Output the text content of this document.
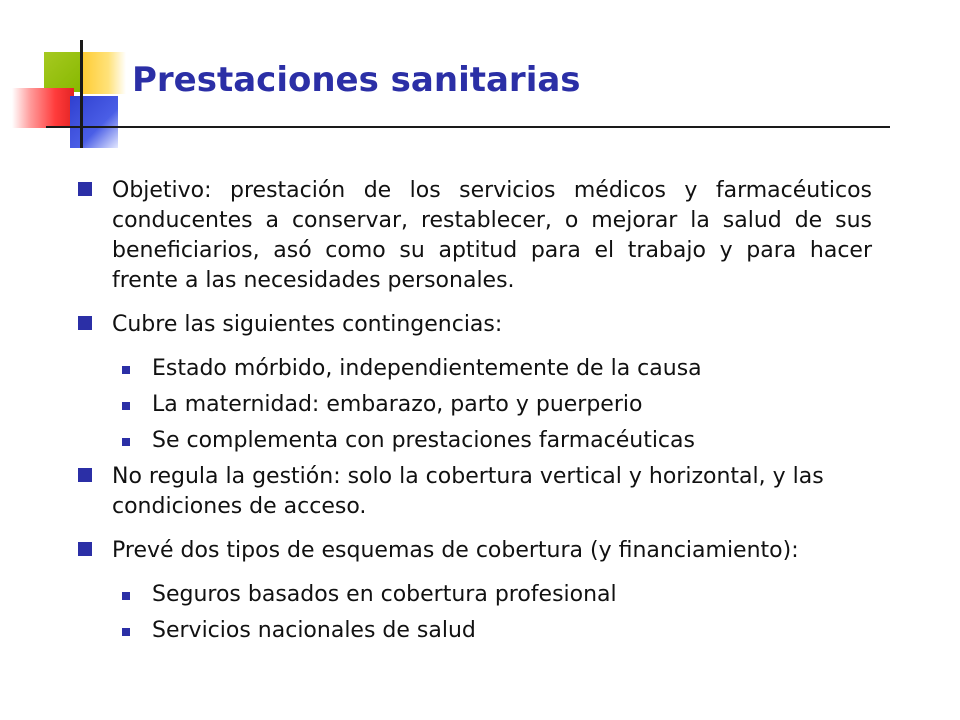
Prestaciones sanitarias
Objetivo: prestación de los servicios médicos y farmacéuticos conducentes a conservar, restablecer, o mejorar la salud de sus beneficiarios, asó como su aptitud para el trabajo y para hacer frente a las necesidades personales.
Cubre las siguientes contingencias:
Estado mórbido, independientemente de la causa
La maternidad: embarazo, parto y puerperio
Se complementa con prestaciones farmacéuticas
No regula la gestión: solo la cobertura vertical y horizontal, y las condiciones de acceso.
Prevé dos tipos de esquemas de cobertura (y financiamiento):
Seguros basados en cobertura profesional
Servicios nacionales de salud
